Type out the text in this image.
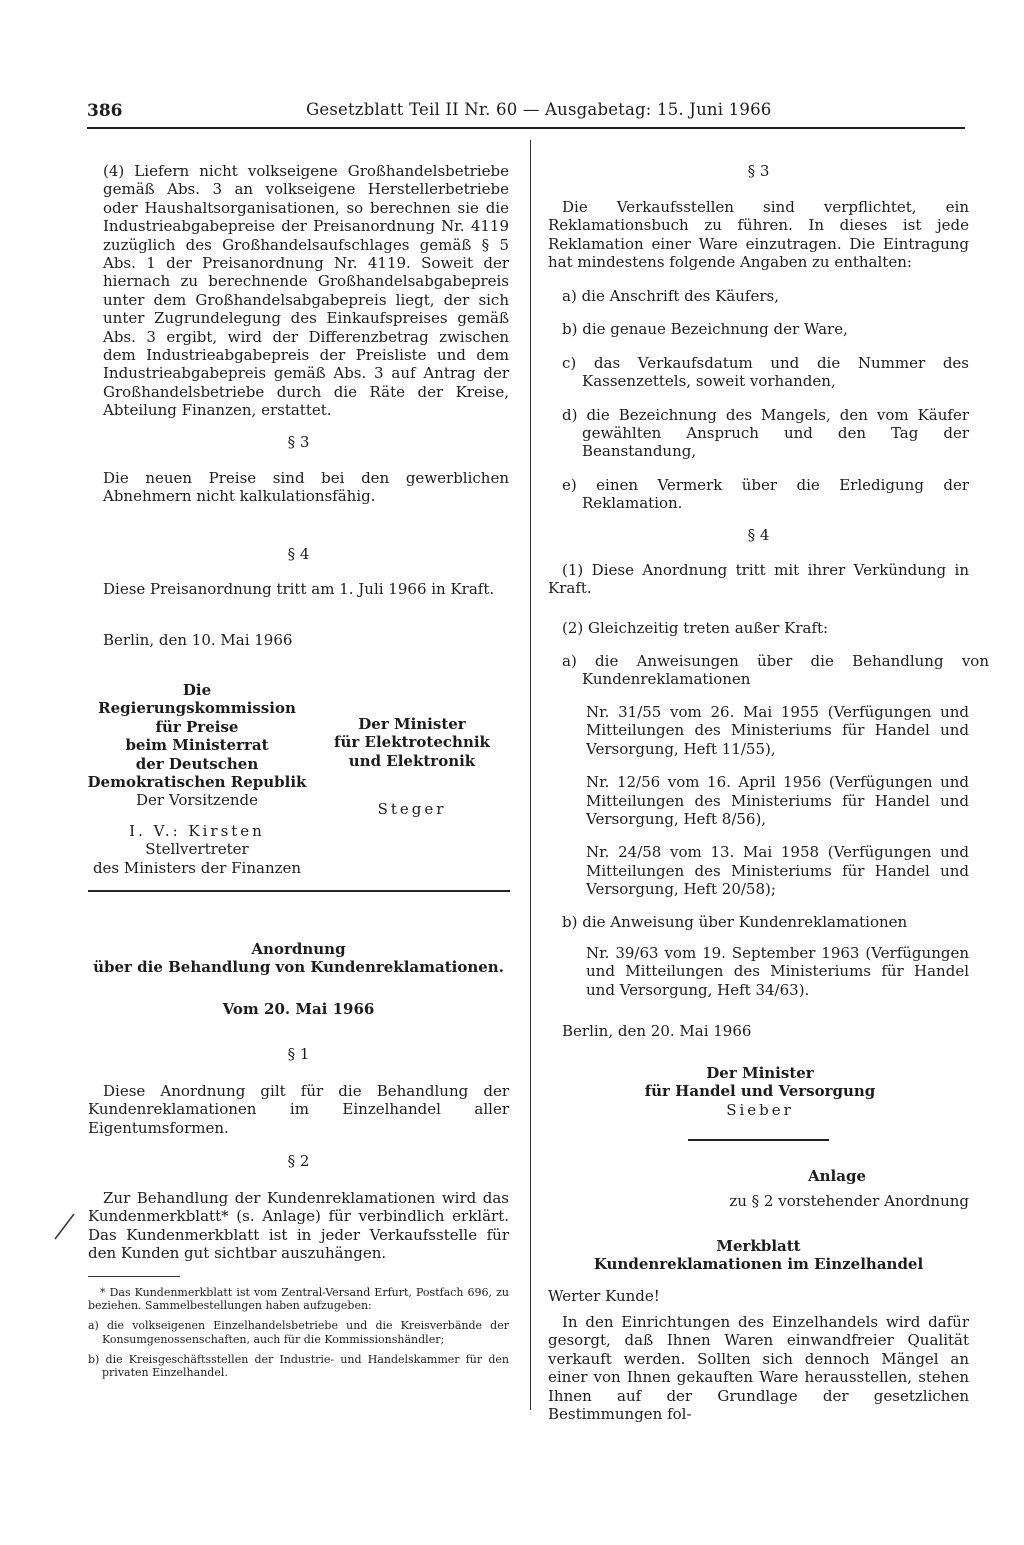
386	Gesetzblatt Teil II Nr. 60 — Ausgabetag: 15. Juni 1966
(4) Liefern nicht volkseigene Großhandelsbetriebe gemäß Abs. 3 an volkseigene Herstellerbetriebe oder Haushaltsorganisationen, so berechnen sie die Industrieabgabepreise der Preisanordnung Nr. 4119 zuzüglich des Großhandelsaufschlages gemäß § 5 Abs. 1 der Preisanordnung Nr. 4119. Soweit der hiernach zu berechnende Großhandelsabgabepreis unter dem Großhandelsabgabepreis liegt, der sich unter Zugrundelegung des Einkaufspreises gemäß Abs. 3 ergibt, wird der Differenzbetrag zwischen dem Industrieabgabepreis der Preisliste und dem Industrieabgabepreis gemäß Abs. 3 auf Antrag der Großhandelsbetriebe durch die Räte der Kreise, Abteilung Finanzen, erstattet.
§ 3
Die neuen Preise sind bei den gewerblichen Abnehmern nicht kalkulationsfähig.
§ 4
Diese Preisanordnung tritt am 1. Juli 1966 in Kraft.
Berlin, den 10. Mai 1966

Die Regierungskommission

für Preise

beim Ministerrat

der Deutschen

Demokratischen Republik

Der Vorsitzende

I. V.: Kirsten

Stellvertreter

des Ministers der Finanzen

Der Minister

für Elektrotechnik

und Elektronik

Steger

Anordnung

über die Behandlung von Kundenreklamationen.

Vom 20. Mai 1966
§ 1
Diese Anordnung gilt für die Behandlung der Kundenreklamationen im Einzelhandel aller Eigentumsformen.
§ 2
Zur Behandlung der Kundenreklamationen wird das Kundenmerkblatt* (s. Anlage) für verbindlich erklärt. Das Kundenmerkblatt ist in jeder Verkaufsstelle für den Kunden gut sichtbar auszuhängen.

* Das Kundenmerkblatt ist vom Zentral-Versand Erfurt, Postfach 696, zu beziehen. Sammelbestellungen haben aufzugeben:

a) die volkseigenen Einzelhandelsbetriebe und die Kreisverbände der Konsumgenossenschaften, auch für die Kommissionshändler;

b) die Kreisgeschäftsstellen der Industrie- und Handelskammer für den privaten Einzelhandel.

§ 3
Die Verkaufsstellen sind verpflichtet, ein Reklamationsbuch zu führen. In dieses ist jede Reklamation einer Ware einzutragen. Die Eintragung hat mindestens folgende Angaben zu enthalten:

a) die Anschrift des Käufers,

b) die genaue Bezeichnung der Ware,

c) das Verkaufsdatum und die Nummer des Kassenzettels, soweit vorhanden,

d) die Bezeichnung des Mangels, den vom Käufer gewählten Anspruch und den Tag der Beanstandung,

e) einen Vermerk über die Erledigung der Reklamation.

§ 4
(1) Diese Anordnung tritt mit ihrer Verkündung in Kraft.
(2) Gleichzeitig treten außer Kraft:
a) die Anweisungen über die Behandlung von Kundenreklamationen

Nr. 31/55 vom 26. Mai 1955 (Verfügungen und Mitteilungen des Ministeriums für Handel und Versorgung, Heft 11/55),

Nr. 12/56 vom 16. April 1956 (Verfügungen und Mitteilungen des Ministeriums für Handel und Versorgung, Heft 8/56),

Nr. 24/58 vom 13. Mai 1958 (Verfügungen und Mitteilungen des Ministeriums für Handel und Versorgung, Heft 20/58);

b) die Anweisung über Kundenreklamationen
Nr. 39/63 vom 19. September 1963 (Verfügungen und Mitteilungen des Ministeriums für Handel und Versorgung, Heft 34/63).
Berlin, den 20. Mai 1966

Der Minister

für Handel und Versorgung

Sieber

Anlage
zu § 2 vorstehender Anordnung

Merkblatt

Kundenreklamationen im Einzelhandel

Werter Kunde!
In den Einrichtungen des Einzelhandels wird dafür gesorgt, daß Ihnen Waren einwandfreier Qualität verkauft werden. Sollten sich dennoch Mängel an einer von Ihnen gekauften Ware herausstellen, stehen Ihnen auf der Grundlage der gesetzlichen Bestimmungen fol-
